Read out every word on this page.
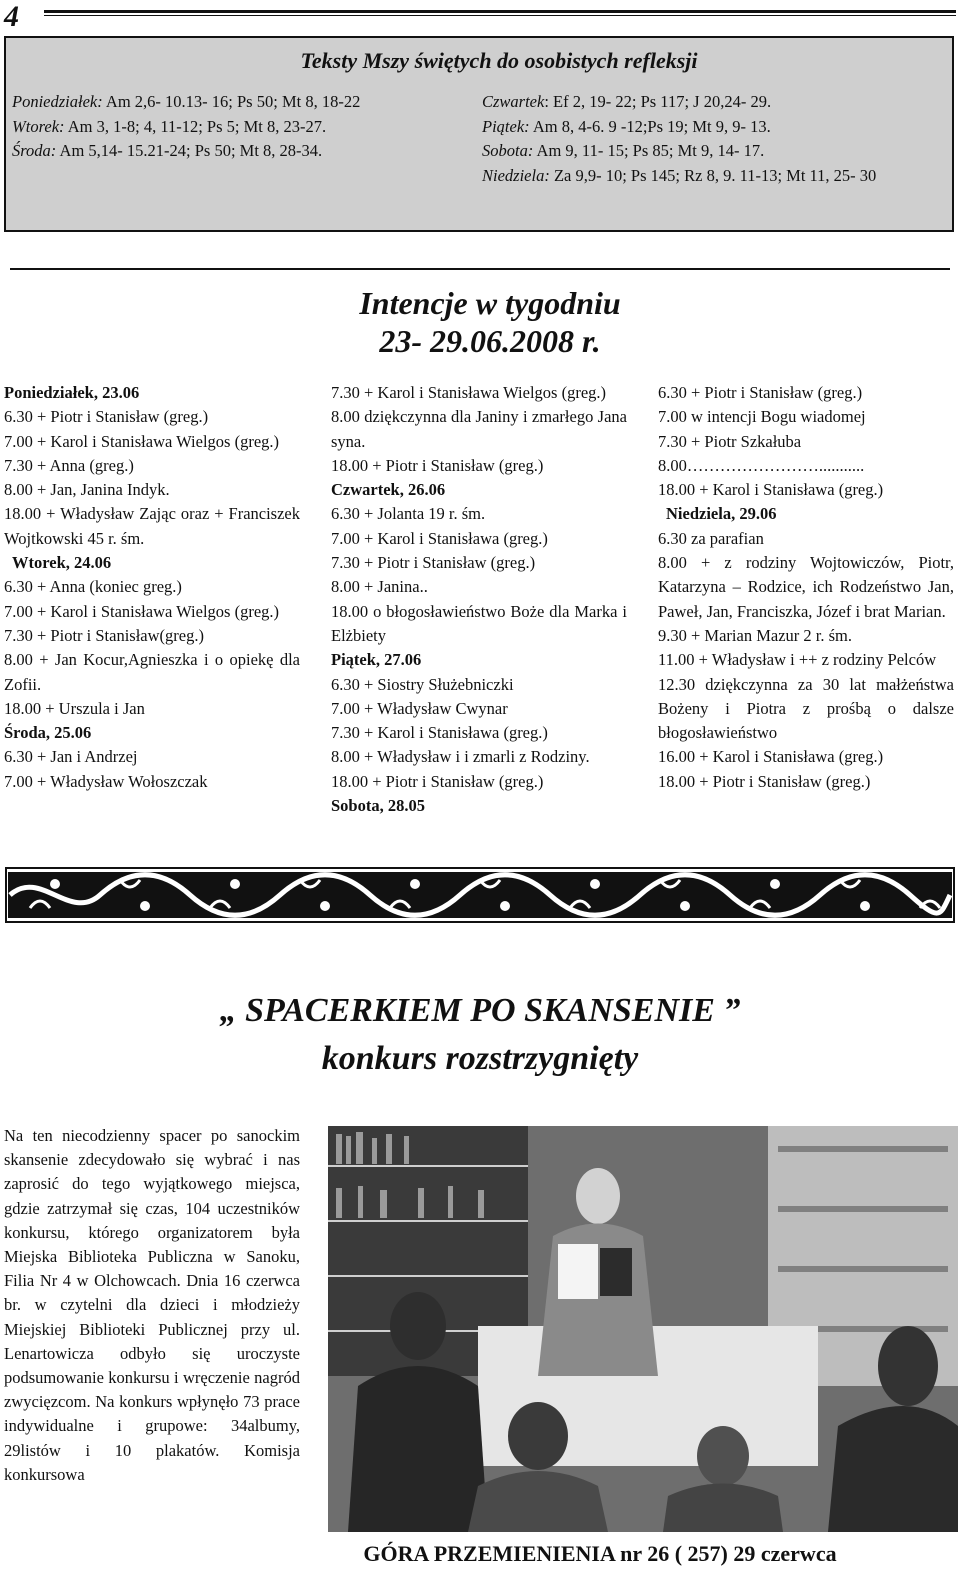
4
Teksty Mszy świętych do osobistych refleksji
Poniedziałek: Am 2,6- 10.13- 16; Ps 50; Mt 8, 18-22
Wtorek: Am 3, 1-8; 4, 11-12; Ps 5; Mt 8, 23-27.
Środa: Am 5,14- 15.21-24; Ps 50; Mt 8, 28-34.
Czwartek: Ef 2, 19- 22; Ps 117; J 20,24- 29.
Piątek: Am 8, 4-6. 9 -12;Ps 19; Mt 9, 9- 13.
Sobota: Am 9, 11- 15; Ps 85; Mt 9, 14- 17.
Niedziela: Za 9,9- 10; Ps 145; Rz 8, 9. 11-13; Mt 11, 25- 30
Intencje w tygodniu
23- 29.06.2008 r.
Poniedziałek, 23.06
6.30 + Piotr i Stanisław (greg.)
7.00 + Karol i Stanisława Wielgos (greg.)
7.30 + Anna (greg.)
8.00 + Jan, Janina Indyk.
18.00 + Władysław Zając oraz + Franciszek Wojtkowski 45 r. śm.
Wtorek, 24.06
6.30 + Anna (koniec greg.)
7.00 + Karol i Stanisława Wielgos (greg.)
7.30 + Piotr i Stanisław(greg.)
8.00 + Jan Kocur,Agnieszka i o opiekę dla Zofii.
18.00 + Urszula i Jan
Środa, 25.06
6.30 + Jan i Andrzej
7.00 + Władysław Wołoszczak
7.30 + Karol i Stanisława Wielgos (greg.)
8.00 dziękczynna dla Janiny i zmarłego Jana syna.
18.00 + Piotr i Stanisław (greg.)
Czwartek, 26.06
6.30 + Jolanta 19 r. śm.
7.00 + Karol i Stanisława (greg.)
7.30 + Piotr i Stanisław (greg.)
8.00 + Janina..
18.00 o błogosławieństwo Boże dla Marka i Elżbiety
Piątek, 27.06
6.30 + Siostry Służebniczki
7.00 + Władysław Cwynar
7.30 + Karol i Stanisława (greg.)
8.00 + Władysław i i zmarli z Rodziny.
18.00 + Piotr i Stanisław (greg.)
Sobota, 28.05
6.30 + Piotr i Stanisław (greg.)
7.00 w intencji Bogu wiadomej
7.30 + Piotr Szkałuba
8.00……………………...........
18.00 + Karol i Stanisława (greg.)
Niedziela, 29.06
6.30 za parafian
8.00 + z rodziny Wojtowiczów, Piotr, Katarzyna – Rodzice, ich Rodzeństwo Jan, Paweł, Jan, Franciszka, Józef i brat Marian.
9.30 + Marian Mazur 2 r. śm.
11.00 + Władysław i ++ z rodziny Pelców
12.30 dziękczynna za 30 lat małżeństwa Bożeny i Piotra z prośbą o dalsze błogosławieństwo
16.00 + Karol i Stanisława (greg.)
18.00 + Piotr i Stanisław (greg.)
„ SPACERKIEM PO SKANSENIE ”
konkurs rozstrzygnięty
Na ten niecodzienny spacer po sanockim skansenie zdecydowało się wybrać i nas zaprosić do tego wyjątkowego miejsca, gdzie zatrzymał się czas, 104 uczestników konkursu, którego organizatorem była Miejska Biblioteka Publiczna w Sanoku, Filia Nr 4 w Olchowcach. Dnia 16 czerwca br. w czytelni dla dzieci i młodzieży Miejskiej Biblioteki Publicznej przy ul. Lenartowicza odbyło się uroczyste podsumowanie konkursu i wręczenie nagród zwycięzcom. Na konkurs wpłynęło 73 prace indywidualne i grupowe: 34albumy, 29listów i 10 plakatów. Komisja konkursowa
GÓRA PRZEMIENIENIA nr 26 ( 257) 29 czerwca
